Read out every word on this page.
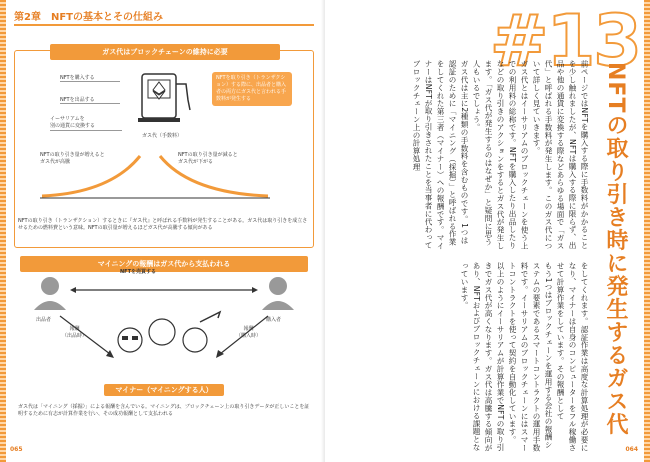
第2章　NFTの基本とその仕組み
ガス代はブロックチェーンの維持に必要
NFTを購入する
NFTを出品する
イーサリアムを
別の通貨に変換する
ガス代（手数料）
NFTを取り引き（トランザクション）する際に、出品者と購入者の両方にガス代と言われる手数料が発生する
NFTの取り引き量が増えると
ガス代が高騰
NFTの取り引き量が減ると
ガス代が下がる
NFTの取り引き（トランザクション）するときに『ガス代』と呼ばれる手数料が発生することがある。ガス代は取り引きを成立させるための燃料費という意味。NFTの取引量が増えるほどガス代が高騰する傾向がある
マイニングの報酬はガス代から支払われる
NFTを売買する
出品者	購入者
報酬
（出品時）
報酬
（購入時）
マイナー（マイニングする人）
ガス代は「マイニング（採掘）」による報酬を含んでいる。マイニングは、ブロックチェーン上の取り引きデータが正しいことを証明するために有志が計算作業を行い、その成功報酬として支払われる
065
#13
NFTの取り引き時に発生するガス代

前ページではNFTを購入する際に手数料がかかることを少し触れましたが、NFTは購入する際に限らず、出品や他の通貨に変換する際などあらゆる場面で「ガス代」と呼ばれる手数料が発生します。このガス代について詳しく見ていきます。

ガス代とはイーサリアムのブロックチェーンを使う上での利用料の総称です。NFTを購入したり出品したりなどの取り引きのアクションをするとガス代が発生します。「ガス代が発生するのはなぜか」と疑問に思う人もいるでしょう。

ガス代は主に2種類の手数料を含むものです。1つは認証のために「マイニング（採掘）」と呼ばれる作業をしてくれた第三者（マイナー）への報酬です。マイナーはNFTが取り引きされたことを当事者に代わってブロックチェーン上の計算処理

をしてくれます。認証作業は高度な計算処理が必要になり、マイナーは自身のコンピューターをフル稼働させて計算作業をしています。その報酬として

もう1つはブロックチェーンを運用する会社の報酬システムの要素であるスマートコントラクトの運用手数料です。イーサリアムのブロックチェーンにはスマートコントラクトを使って契約を自動化しています。

以上のようにイーサリアムが計算作業でNFTの取り引きでガス代が高くなります。ガス代は高騰する傾向があり、NFTおよびブロックチェーンにおける課題となっています。

064
